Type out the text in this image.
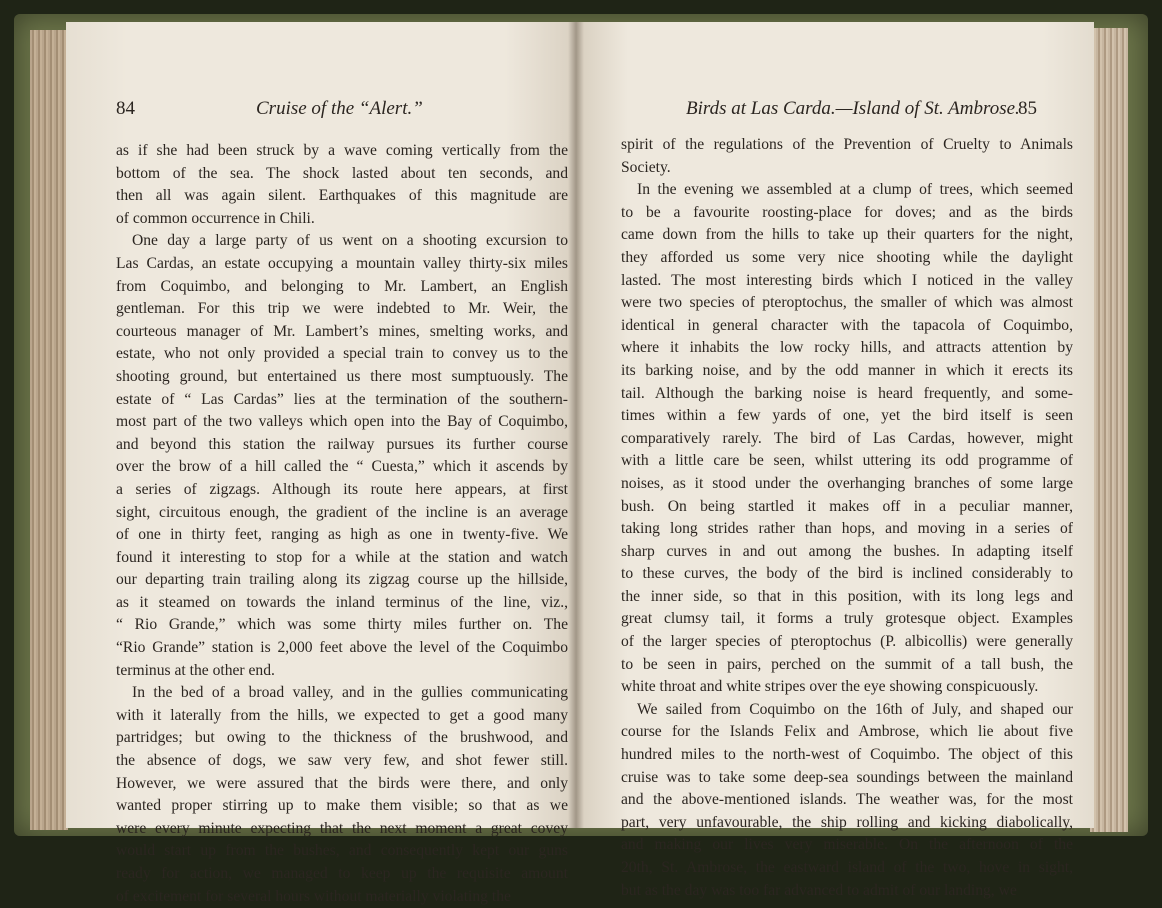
84	Cruise of the “Alert.”
as if she had been struck by a wave coming vertically from the
bottom of the sea. The shock lasted about ten seconds, and
then all was again silent. Earthquakes of this magnitude are
of common occurrence in Chili.
One day a large party of us went on a shooting excursion to
Las Cardas, an estate occupying a mountain valley thirty-six miles
from Coquimbo, and belonging to Mr. Lambert, an English
gentleman. For this trip we were indebted to Mr. Weir, the
courteous manager of Mr. Lambert’s mines, smelting works, and
estate, who not only provided a special train to convey us to the
shooting ground, but entertained us there most sumptuously. The
estate of “ Las Cardas” lies at the termination of the southern-
most part of the two valleys which open into the Bay of Coquimbo,
and beyond this station the railway pursues its further course
over the brow of a hill called the “ Cuesta,” which it ascends by
a series of zigzags. Although its route here appears, at first
sight, circuitous enough, the gradient of the incline is an average
of one in thirty feet, ranging as high as one in twenty-five. We
found it interesting to stop for a while at the station and watch
our departing train trailing along its zigzag course up the hillside,
as it steamed on towards the inland terminus of the line, viz.,
“ Rio Grande,” which was some thirty miles further on. The
“Rio Grande” station is 2,000 feet above the level of the Coquimbo
terminus at the other end.
In the bed of a broad valley, and in the gullies communicating
with it laterally from the hills, we expected to get a good many
partridges; but owing to the thickness of the brushwood, and
the absence of dogs, we saw very few, and shot fewer still.
However, we were assured that the birds were there, and only
wanted proper stirring up to make them visible; so that as we
were every minute expecting that the next moment a great covey
would start up from the bushes, and consequently kept our guns
ready for action, we managed to keep up the requisite amount
of excitement for several hours without materially violating the
Birds at Las Carda.—Island of St. Ambrose.
85
spirit of the regulations of the Prevention of Cruelty to Animals
Society.
In the evening we assembled at a clump of trees, which seemed
to be a favourite roosting-place for doves; and as the birds
came down from the hills to take up their quarters for the night,
they afforded us some very nice shooting while the daylight
lasted. The most interesting birds which I noticed in the valley
were two species of pteroptochus, the smaller of which was almost
identical in general character with the tapacola of Coquimbo,
where it inhabits the low rocky hills, and attracts attention by
its barking noise, and by the odd manner in which it erects its
tail. Although the barking noise is heard frequently, and some-
times within a few yards of one, yet the bird itself is seen
comparatively rarely. The bird of Las Cardas, however, might
with a little care be seen, whilst uttering its odd programme of
noises, as it stood under the overhanging branches of some large
bush. On being startled it makes off in a peculiar manner,
taking long strides rather than hops, and moving in a series of
sharp curves in and out among the bushes. In adapting itself
to these curves, the body of the bird is inclined considerably to
the inner side, so that in this position, with its long legs and
great clumsy tail, it forms a truly grotesque object. Examples
of the larger species of pteroptochus (P. albicollis) were generally
to be seen in pairs, perched on the summit of a tall bush, the
white throat and white stripes over the eye showing conspicuously.
We sailed from Coquimbo on the 16th of July, and shaped our
course for the Islands Felix and Ambrose, which lie about five
hundred miles to the north-west of Coquimbo. The object of this
cruise was to take some deep-sea soundings between the mainland
and the above-mentioned islands. The weather was, for the most
part, very unfavourable, the ship rolling and kicking diabolically,
and making our lives very miserable. On the afternoon of the
20th, St. Ambrose, the eastward island of the two, hove in sight,
but as the day was too far advanced to admit of our landing, we
